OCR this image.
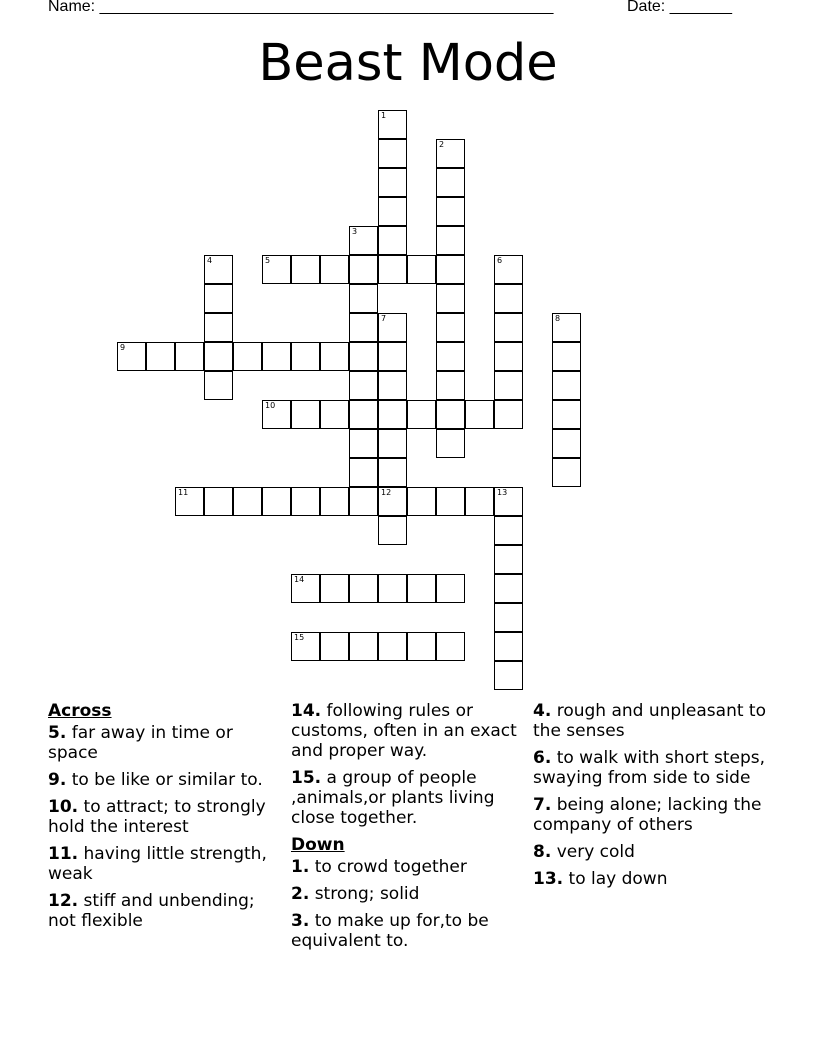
Name: ___________________________________________________	Date: _______
Beast Mode
1
2
3
4	5	6
7
12
8
9
10
11	13
14
15
Across
5. far away in time or space
9. to be like or similar to.
10. to attract; to strongly hold the interest
11. having little strength, weak
12. stiff and unbending; not flexible
14. following rules or customs, often in an exact and proper way.
15. a group of people ,animals,or plants living close together.
Down
1. to crowd together
2. strong; solid
3. to make up for,to be equivalent to.
4. rough and unpleasant to the senses
6. to walk with short steps, swaying from side to side
7. being alone; lacking the company of others
8. very cold
13. to lay down
